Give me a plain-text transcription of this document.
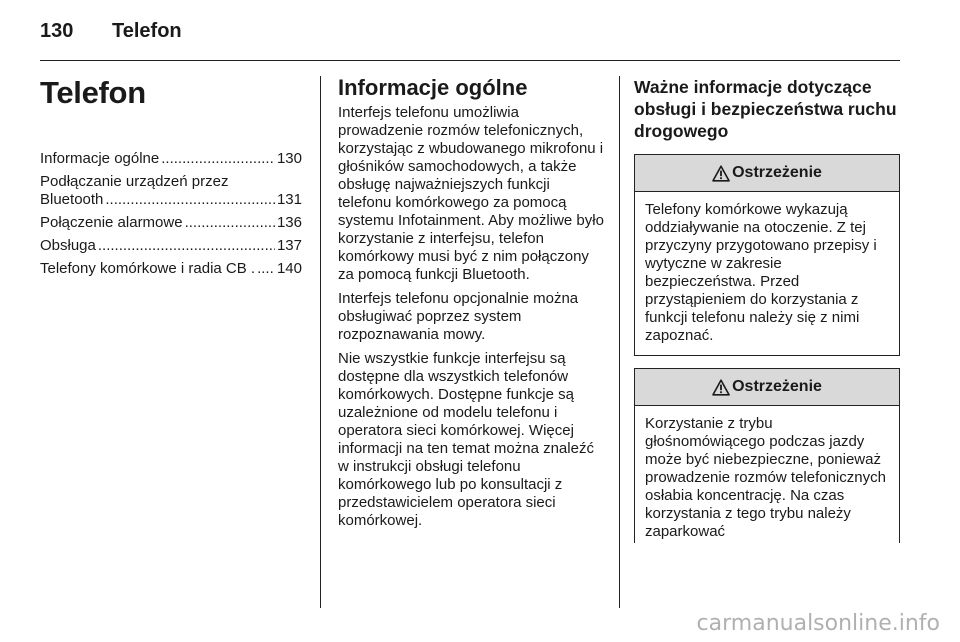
130 Telefon
Telefon
Informacje ogólne .....	130
Podłączanie urządzeń przez
Bluetooth .....	131
Połączenie alarmowe .....	136
Obsługa .....	137
Telefony komórkowe i radia CB . ..... 140
Informacje ogólne
Interfejs telefonu umożliwia prowadzenie rozmów telefonicznych, korzystając z wbudowanego mikrofonu i głośników samochodowych, a także obsługę najważniejszych funkcji telefonu komórkowego za pomocą systemu Infotainment. Aby możliwe było korzystanie z interfejsu, telefon komórkowy musi być z nim połączony za pomocą funkcji Bluetooth.
Interfejs telefonu opcjonalnie można obsługiwać poprzez system rozpoznawania mowy.
Nie wszystkie funkcje interfejsu są dostępne dla wszystkich telefonów komórkowych. Dostępne funkcje są uzależnione od modelu telefonu i operatora sieci komórkowej. Więcej informacji na ten temat można znaleźć w instrukcji obsługi telefonu komórkowego lub po konsultacji z przedstawicielem operatora sieci komórkowej.
Ważne informacje dotyczące obsługi i bezpieczeństwa ruchu drogowego
Ostrzeżenie
Telefony komórkowe wykazują oddziaływanie na otoczenie. Z tej przyczyny przygotowano przepisy i wytyczne w zakresie bezpieczeństwa. Przed przystąpieniem do korzystania z funkcji telefonu należy się z nimi zapoznać.
Ostrzeżenie
Korzystanie z trybu głośnomówiącego podczas jazdy może być niebezpieczne, ponieważ prowadzenie rozmów telefonicznych osłabia koncentrację. Na czas korzystania z tego trybu należy zaparkować
carmanualsonline.info
